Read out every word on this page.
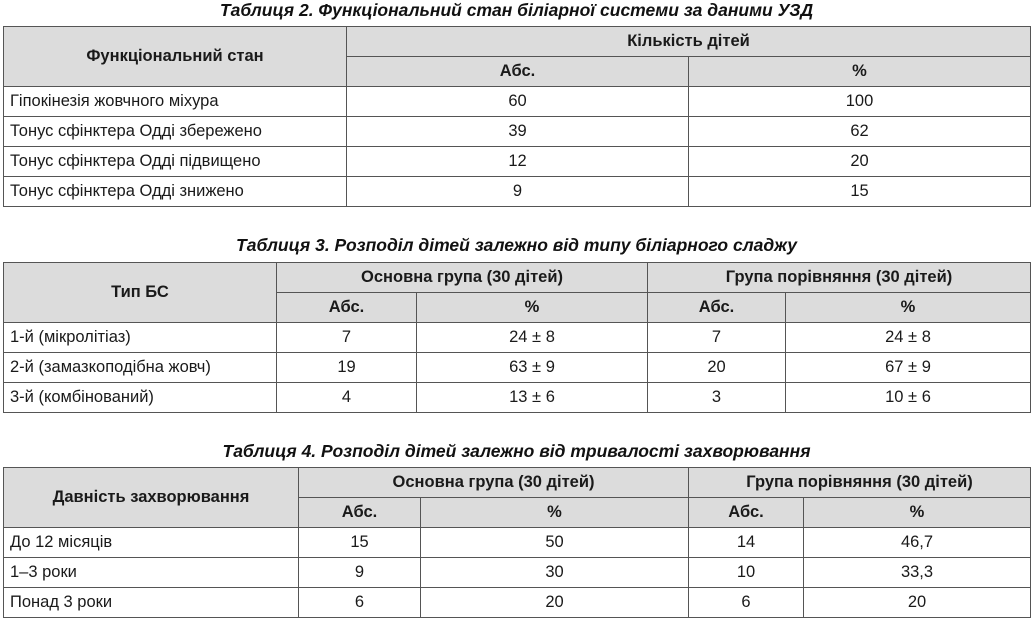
Таблиця 2. Функціональний стан біліарної системи за даними УЗД
Функціональний стан	Кількість дітей	
	Абс.	%
Гіпокінезія жовчного міхура	60	100
Тонус сфінктера Одді збережено	39	62
Тонус сфінктера Одді підвищено	12	20
Тонус сфінктера Одді знижено	9	15
Таблиця 3. Розподіл дітей залежно від типу біліарного сладжу
Тип БС	Основна група (30 дітей)		Група порівняння (30 дітей)	
	Абс.	%	Абс.	%
1-й (мікролітіаз)	7	24 ± 8	7	24 ± 8
2-й (замазкоподібна жовч)	19	63 ± 9	20	67 ± 9
3-й (комбінований)	4	13 ± 6	3	10 ± 6
Таблиця 4. Розподіл дітей залежно від тривалості захворювання
Давність захворювання	Основна група (30 дітей)		Група порівняння (30 дітей)	
	Абс.	%	Абс.	%
До 12 місяців	15	50	14	46,7
1–3 роки	9	30	10	33,3
Понад 3 роки	6	20	6	20
